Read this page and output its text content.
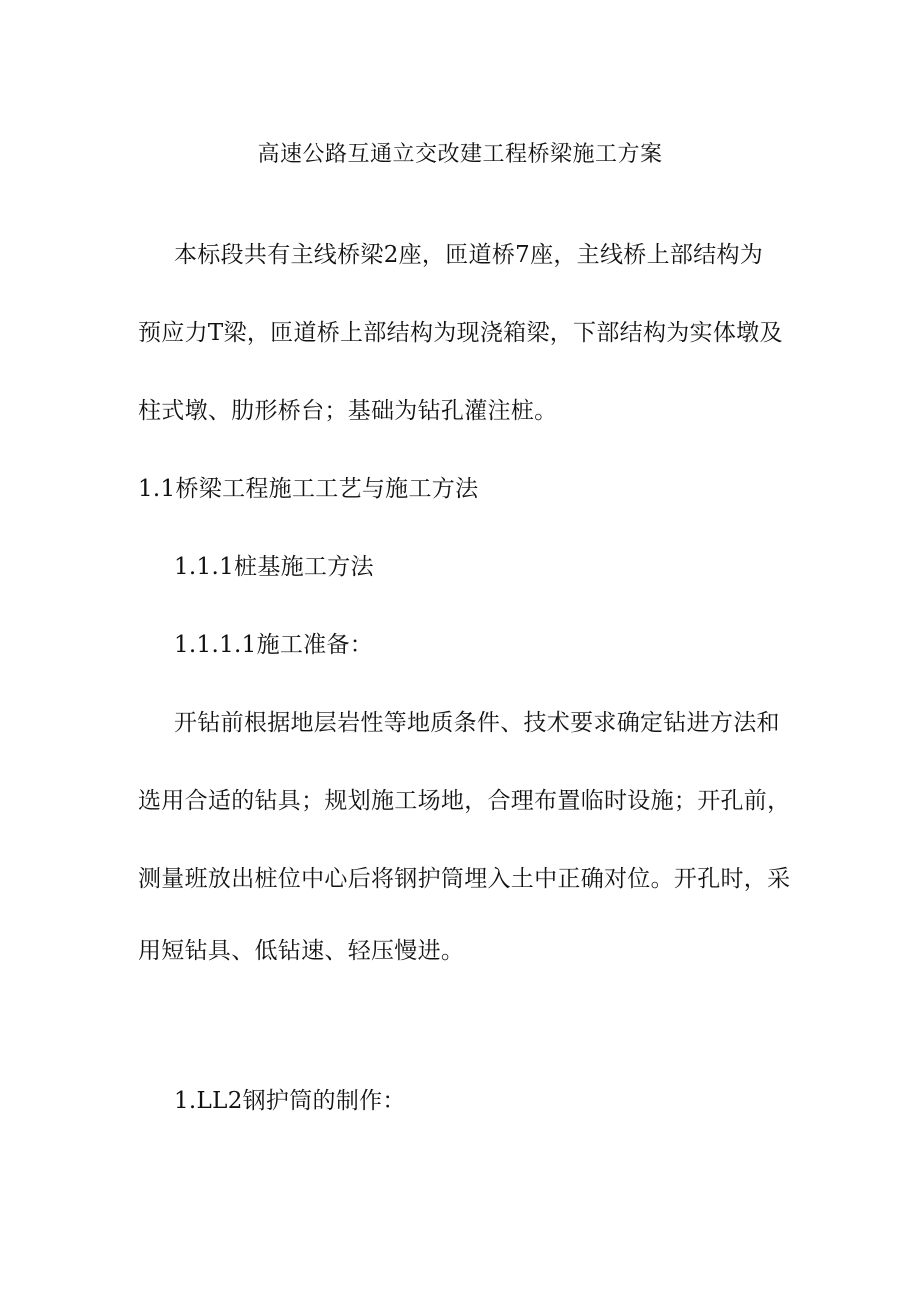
高速公路互通立交改建工程桥梁施工方案
本标段共有主线桥梁2座，匝道桥7座，主线桥上部结构为
预应力T梁，匝道桥上部结构为现浇箱梁，下部结构为实体墩及
柱式墩、肋形桥台；基础为钻孔灌注桩。
1.1桥梁工程施工工艺与施工方法
1.1.1桩基施工方法
1.1.1.1施工准备：
开钻前根据地层岩性等地质条件、技术要求确定钻进方法和
选用合适的钻具；规划施工场地，合理布置临时设施；开孔前，
测量班放出桩位中心后将钢护筒埋入土中正确对位。开孔时，采
用短钻具、低钻速、轻压慢进。
1.LL2钢护筒的制作：
